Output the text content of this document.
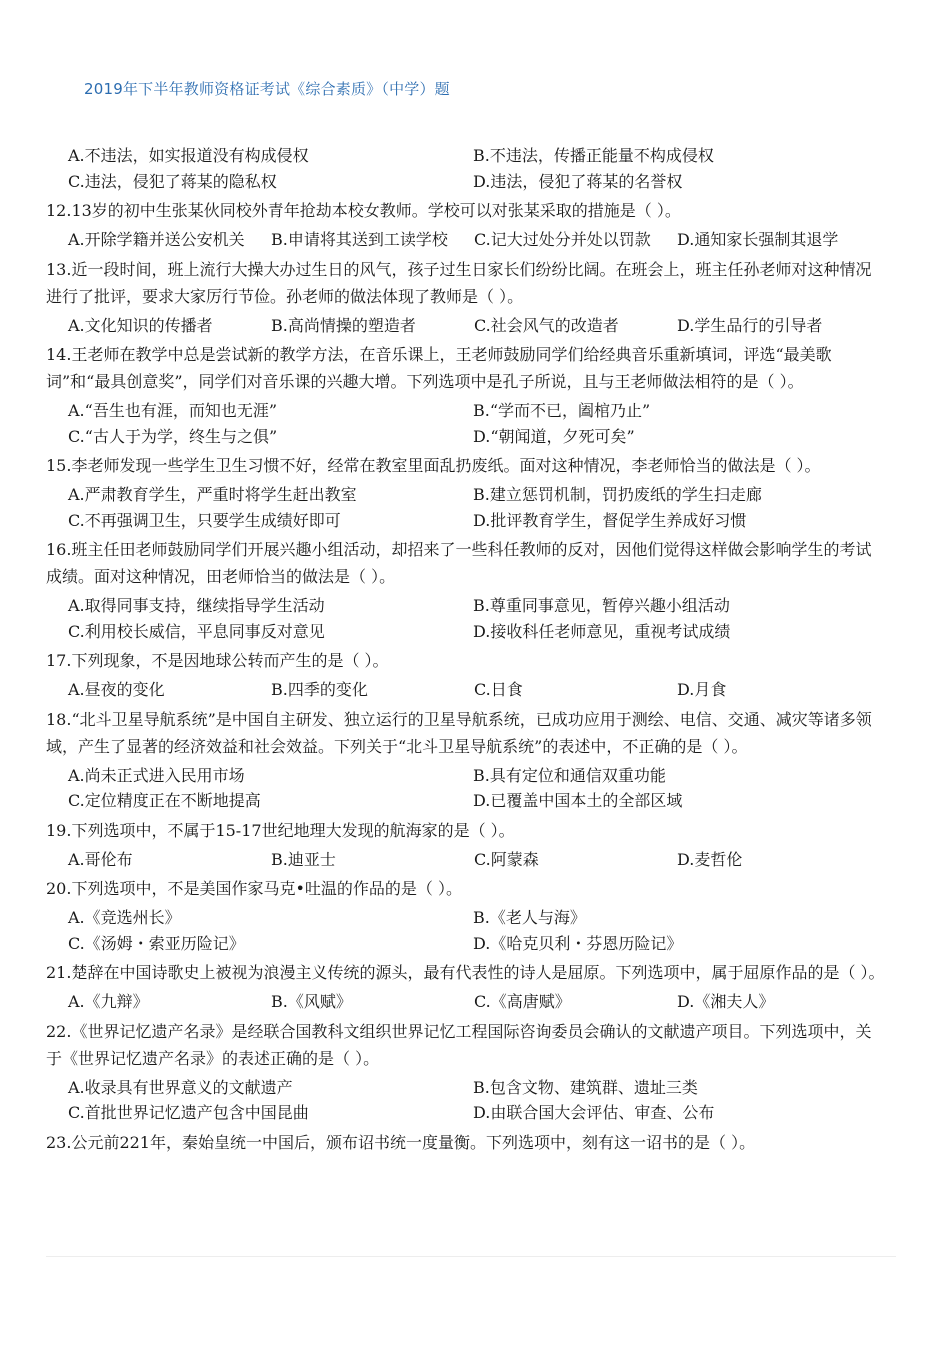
2019年下半年教师资格证考试《综合素质》（中学）题
A.不违法，如实报道没有构成侵权	B.不违法，传播正能量不构成侵权
C.违法，侵犯了蒋某的隐私权	D.违法，侵犯了蒋某的名誉权

12.13岁的初中生张某伙同校外青年抢劫本校女教师。学校可以对张某采取的措施是（ ）。

A.开除学籍并送公安机关	B.申请将其送到工读学校	C.记大过处分并处以罚款	D.通知家长强制其退学

13.近一段时间，班上流行大操大办过生日的风气，孩子过生日家长们纷纷比阔。在班会上，班主任孙老师对这种情况进行了批评，要求大家厉行节俭。孙老师的做法体现了教师是（ ）。

A.文化知识的传播者	B.高尚情操的塑造者	C.社会风气的改造者	D.学生品行的引导者

14.王老师在教学中总是尝试新的教学方法，在音乐课上，王老师鼓励同学们给经典音乐重新填词，评选“最美歌词”和“最具创意奖”，同学们对音乐课的兴趣大增。下列选项中是孔子所说，且与王老师做法相符的是（ ）。

A.“吾生也有涯，而知也无涯”	B.“学而不已，阖棺乃止”
C.“古人于为学，终生与之俱”	D.“朝闻道，夕死可矣”

15.李老师发现一些学生卫生习惯不好，经常在教室里面乱扔废纸。面对这种情况，李老师恰当的做法是（ ）。

A.严肃教育学生，严重时将学生赶出教室	B.建立惩罚机制，罚扔废纸的学生扫走廊
C.不再强调卫生，只要学生成绩好即可	D.批评教育学生，督促学生养成好习惯

16.班主任田老师鼓励同学们开展兴趣小组活动，却招来了一些科任教师的反对，因他们觉得这样做会影响学生的考试成绩。面对这种情况，田老师恰当的做法是（ ）。

A.取得同事支持，继续指导学生活动	B.尊重同事意见，暂停兴趣小组活动
C.利用校长威信，平息同事反对意见	D.接收科任老师意见，重视考试成绩

17.下列现象，不是因地球公转而产生的是（ ）。

A.昼夜的变化	B.四季的变化	C.日食	D.月食

18.“北斗卫星导航系统”是中国自主研发、独立运行的卫星导航系统，已成功应用于测绘、电信、交通、减灾等诸多领域，产生了显著的经济效益和社会效益。下列关于“北斗卫星导航系统”的表述中，不正确的是（ ）。

A.尚未正式进入民用市场	B.具有定位和通信双重功能
C.定位精度正在不断地提高	D.已覆盖中国本土的全部区域

19.下列选项中，不属于15-17世纪地理大发现的航海家的是（ ）。

A.哥伦布	B.迪亚士	C.阿蒙森	D.麦哲伦

20.下列选项中，不是美国作家马克•吐温的作品的是（ ）。

A.《竞选州长》	B.《老人与海》
C.《汤姆・索亚历险记》	D.《哈克贝利・芬恩历险记》

21.楚辞在中国诗歌史上被视为浪漫主义传统的源头，最有代表性的诗人是屈原。下列选项中，属于屈原作品的是（ ）。

A.《九辩》	B.《风赋》	C.《高唐赋》	D.《湘夫人》

22.《世界记忆遗产名录》是经联合国教科文组织世界记忆工程国际咨询委员会确认的文献遗产项目。下列选项中，关于《世界记忆遗产名录》的表述正确的是（ ）。

A.收录具有世界意义的文献遗产	B.包含文物、建筑群、遗址三类
C.首批世界记忆遗产包含中国昆曲	D.由联合国大会评估、审查、公布

23.公元前221年，秦始皇统一中国后，颁布诏书统一度量衡。下列选项中，刻有这一诏书的是（ ）。
